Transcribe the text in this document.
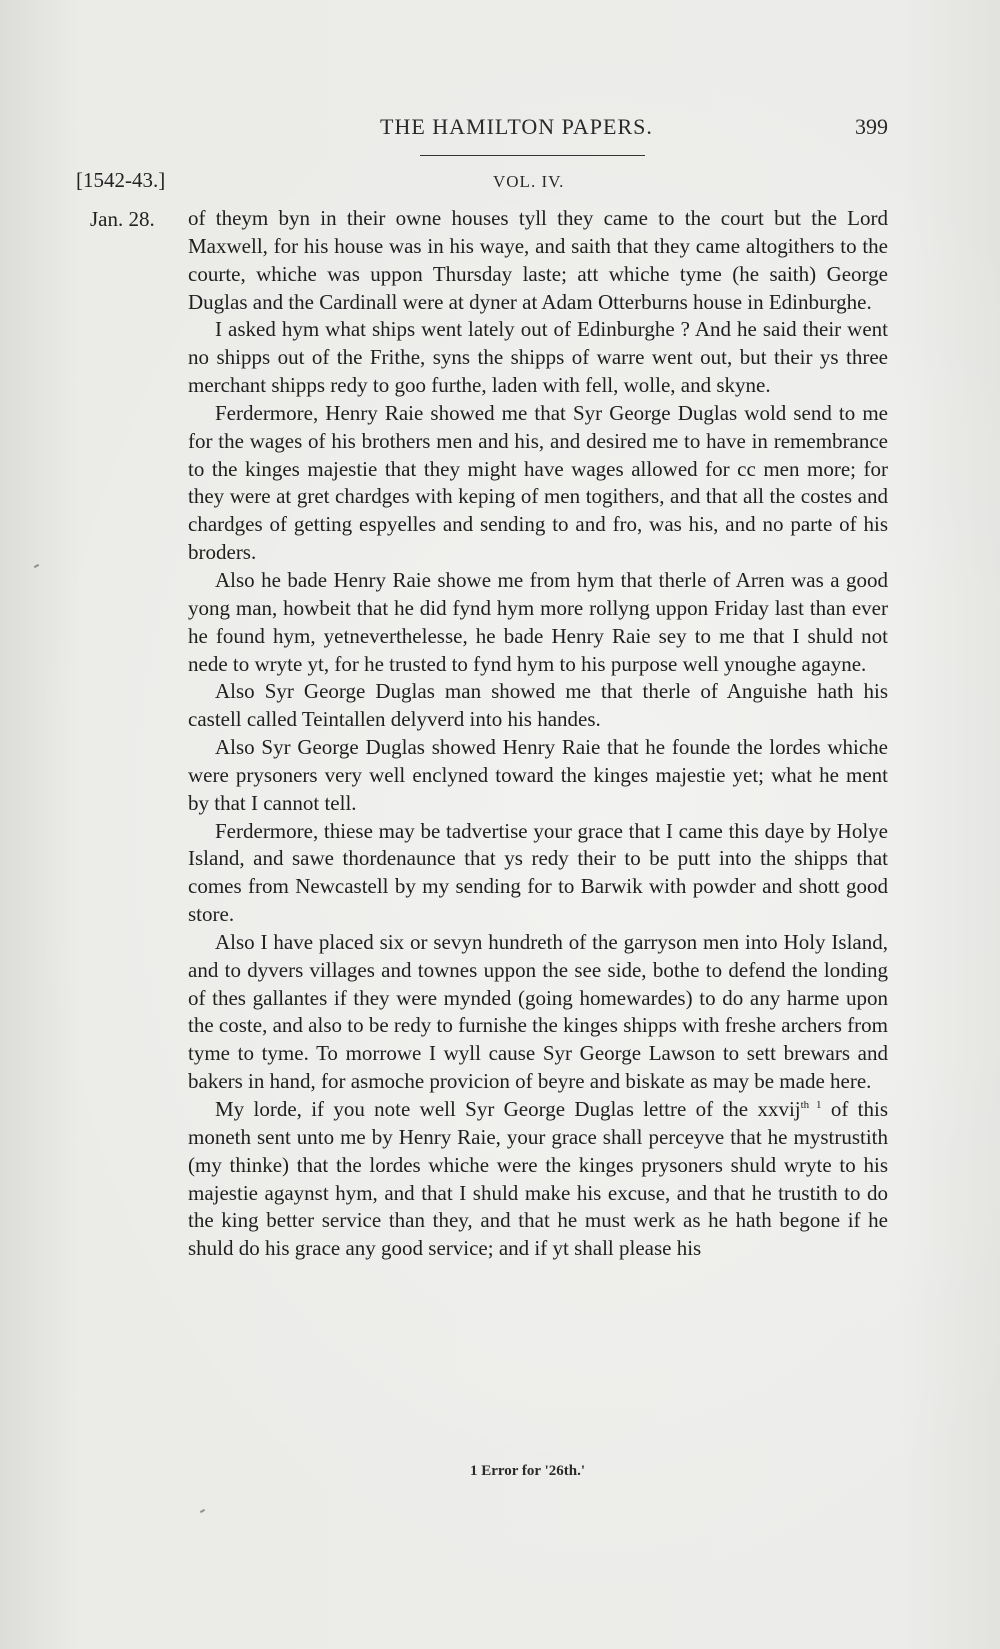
THE HAMILTON PAPERS.	399
[1542-43.]	VOL. IV.
Jan. 28. of theym byn in their owne houses tyll they came to the court but the Lord Maxwell, for his house was in his waye, and saith that they came altogithers to the courte, whiche was uppon Thursday laste; att whiche tyme (he saith) George Duglas and the Cardinall were at dyner at Adam Otterburns house in Edinburghe.

I asked hym what ships went lately out of Edinburghe ? And he said their went no shipps out of the Frithe, syns the shipps of warre went out, but their ys three merchant shipps redy to goo furthe, laden with fell, wolle, and skyne.

Ferdermore, Henry Raie showed me that Syr George Duglas wold send to me for the wages of his brothers men and his, and desired me to have in remembrance to the kinges majestie that they might have wages allowed for cc men more; for they were at gret chardges with keping of men togithers, and that all the costes and chardges of getting espyelles and sending to and fro, was his, and no parte of his broders.

Also he bade Henry Raie showe me from hym that therle of Arren was a good yong man, howbeit that he did fynd hym more rollyng uppon Friday last than ever he found hym, yetneverthelesse, he bade Henry Raie sey to me that I shuld not nede to wryte yt, for he trusted to fynd hym to his purpose well ynoughe agayne.

Also Syr George Duglas man showed me that therle of Anguishe hath his castell called Teintallen delyverd into his handes.

Also Syr George Duglas showed Henry Raie that he founde the lordes whiche were prysoners very well enclyned toward the kinges majestie yet; what he ment by that I cannot tell.

Ferdermore, thiese may be tadvertise your grace that I came this daye by Holye Island, and sawe thordenaunce that ys redy their to be putt into the shipps that comes from Newcastell by my sending for to Barwik with powder and shott good store.

Also I have placed six or sevyn hundreth of the garryson men into Holy Island, and to dyvers villages and townes uppon the see side, bothe to defend the londing of thes gallantes if they were mynded (going homewardes) to do any harme upon the coste, and also to be redy to furnishe the kinges shipps with freshe archers from tyme to tyme. To morrowe I wyll cause Syr George Lawson to sett brewars and bakers in hand, for asmoche provicion of beyre and biskate as may be made here.

My lorde, if you note well Syr George Duglas lettre of the xxvij$^{th 1}$ of this moneth sent unto me by Henry Raie, your grace shall perceyve that he mystrustith (my thinke) that the lordes whiche were the kinges prysoners shuld wryte to his majestie agaynst hym, and that I shuld make his excuse, and that he trustith to do the king better service than they, and that he must werk as he hath begone if he shuld do his grace any good service; and if yt shall please his

1 Error for '26th.'
